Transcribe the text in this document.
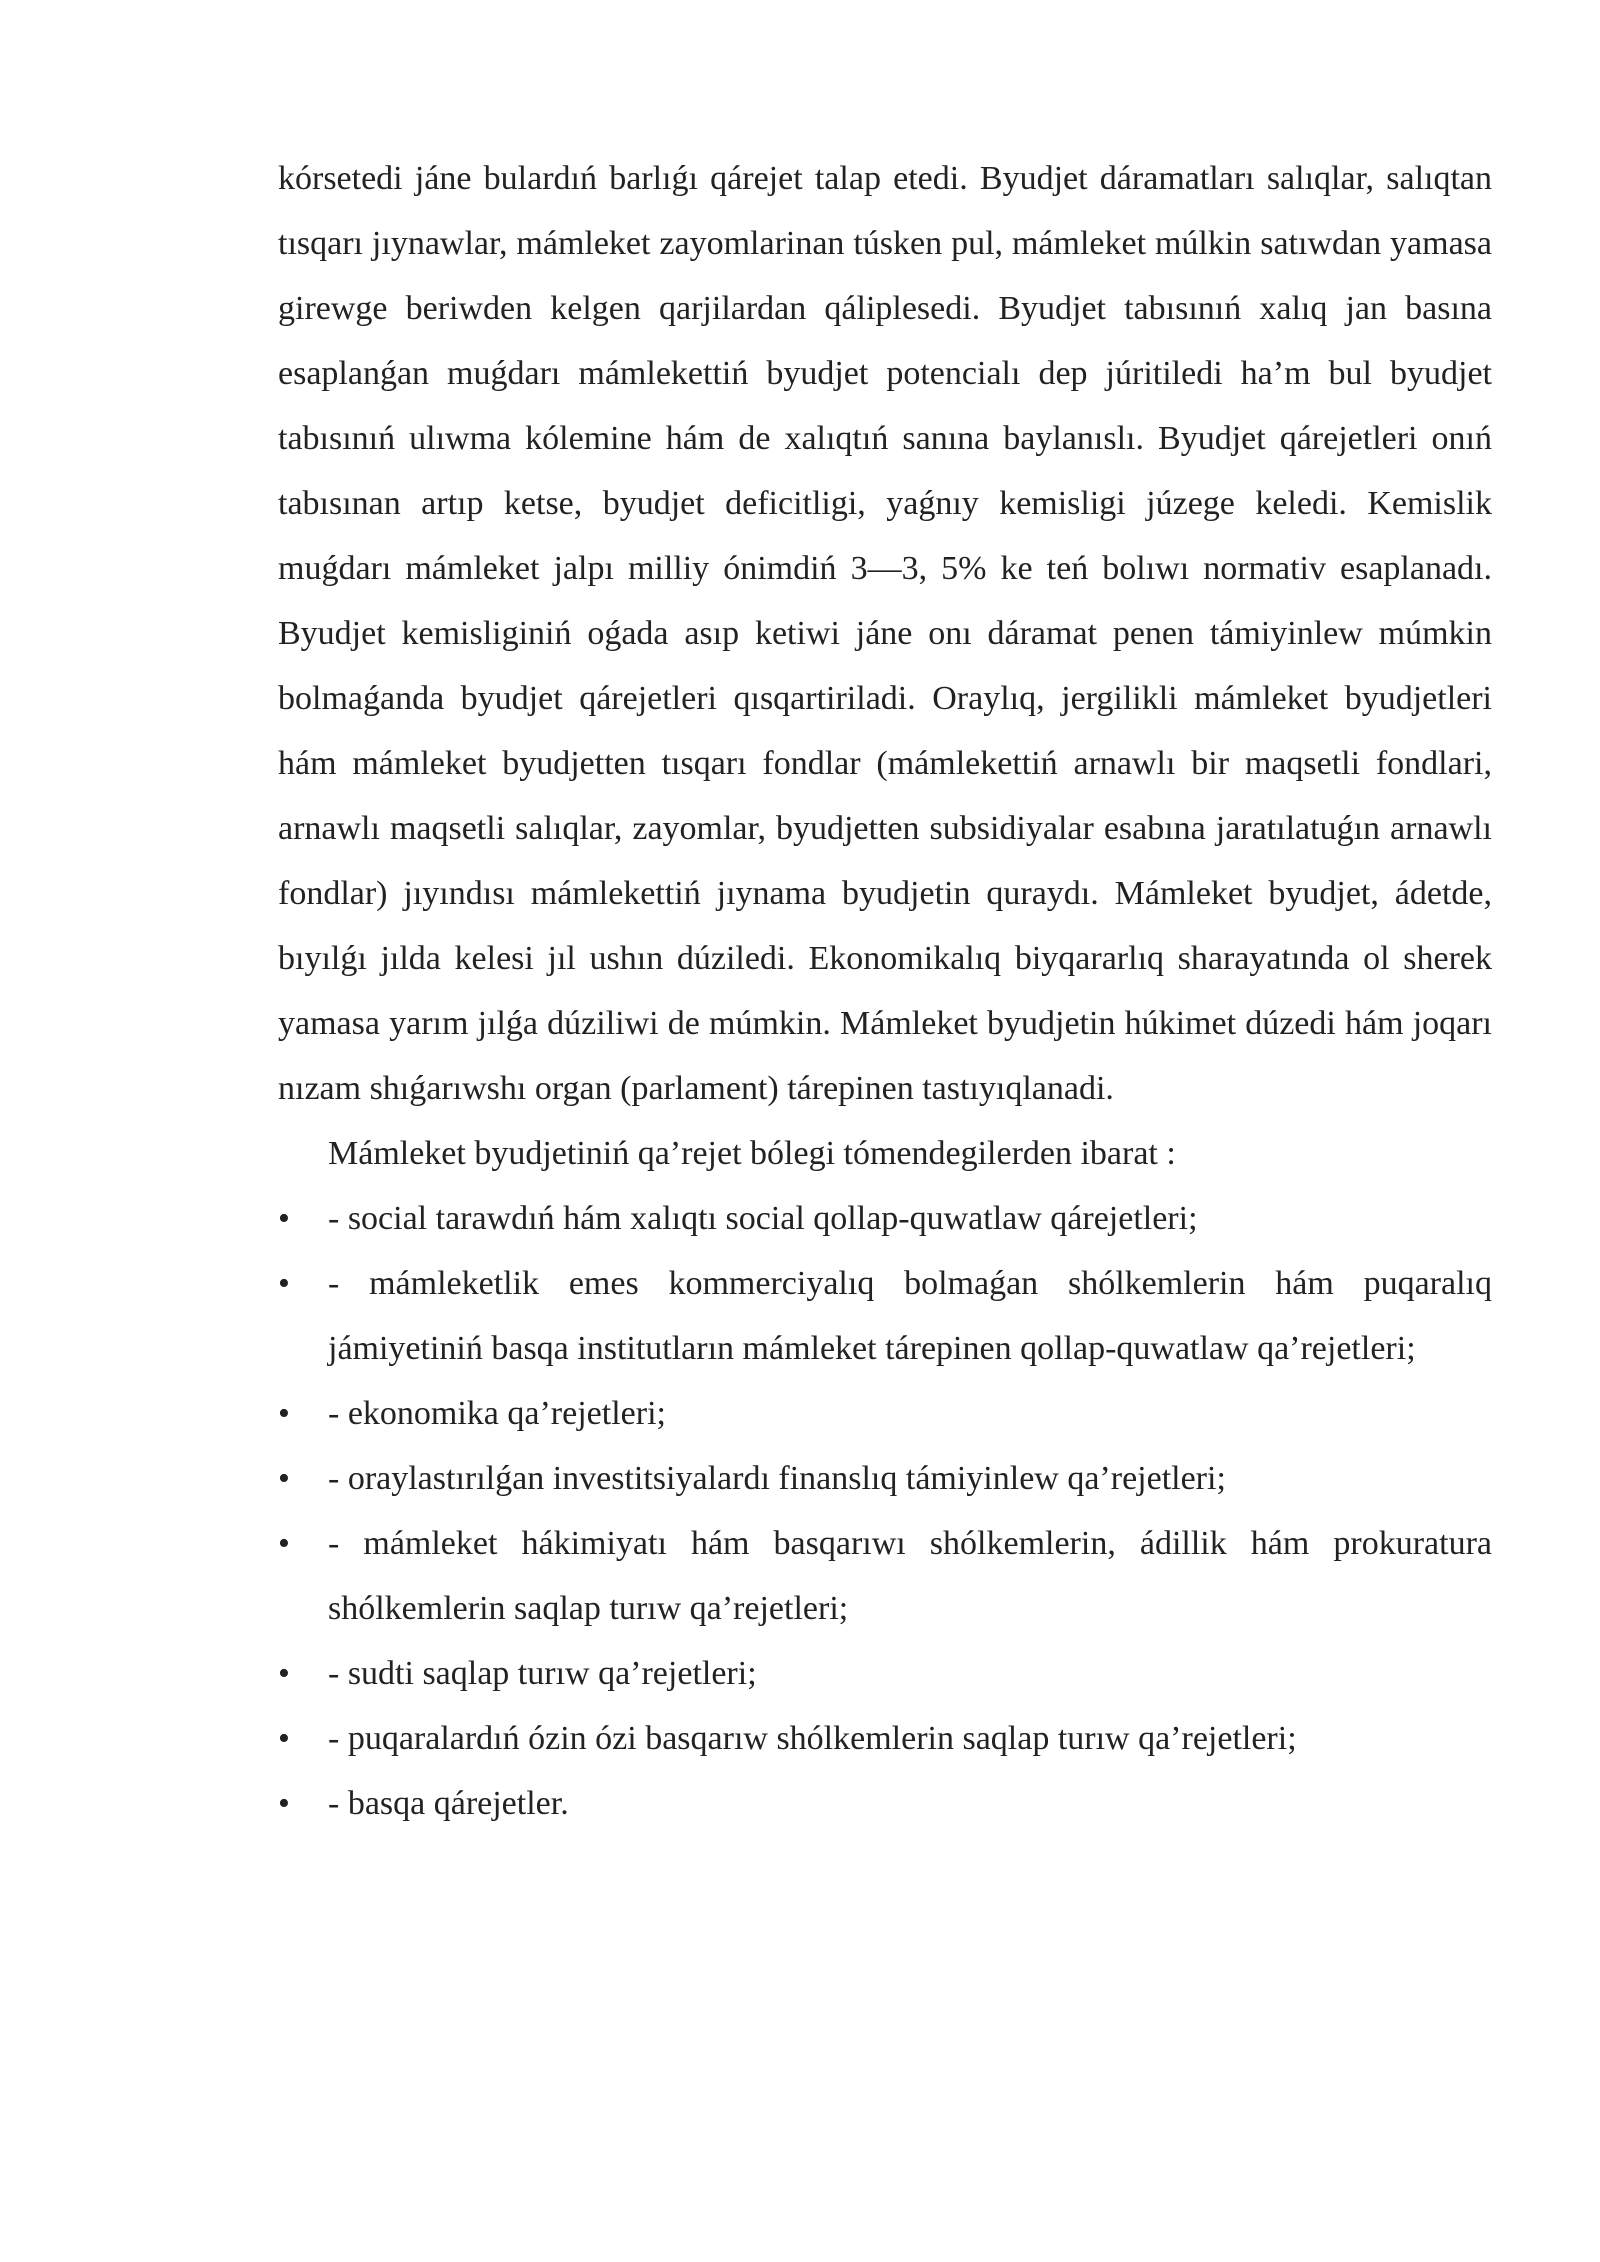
kórsetedi jáne bulardıń barlıǵı qárejet talap etedi. Byudjet dáramatları salıqlar, salıqtan tısqarı jıynawlar, mámleket zayomlarinan túsken pul, mámleket múlkin satıwdan yamasa girewge beriwden kelgen qarjilardan qáliplesedi. Byudjet tabısınıń xalıq jan basına esaplanǵan muǵdarı mámlekettiń byudjet potencialı dep júritiledi ha’m bul byudjet tabısınıń ulıwma kólemine hám de xalıqtıń sanına baylanıslı. Byudjet qárejetleri onıń tabısınan artıp ketse, byudjet deficitligi, yaǵnıy kemisligi júzege keledi. Kemislik muǵdarı mámleket jalpı milliy ónimdiń 3—3, 5% ke teń bolıwı normativ esaplanadı. Byudjet kemisliginiń oǵada asıp ketiwi jáne onı dáramat penen támiyinlew múmkin bolmaǵanda byudjet qárejetleri qısqartiriladi. Oraylıq, jergilikli mámleket byudjetleri hám mámleket byudjetten tısqarı fondlar (mámlekettiń arnawlı bir maqsetli fondlari, arnawlı maqsetli salıqlar, zayomlar, byudjetten subsidiyalar esabına jaratılatuǵın arnawlı fondlar) jıyındısı mámlekettiń jıynama byudjetin quraydı. Mámleket byudjet, ádetde, bıyılǵı jılda kelesi jıl ushın dúziledi. Ekonomikalıq biyqararlıq sharayatında ol sherek yamasa yarım jılǵa dúziliwi de múmkin. Mámleket byudjetin húkimet dúzedi hám joqarı nızam shıǵarıwshı organ (parlament) tárepinen tastıyıqlanadi.

Mámleket byudjetiniń qa’rejet bólegi tómendegilerden ibarat :

•	- social tarawdıń hám xalıqtı social qollap-quwatlaw qárejetleri;
•	- mámleketlik emes kommerciyalıq bolmaǵan shólkemlerin hám puqaralıq jámiyetiniń basqa institutların mámleket tárepinen qollap-quwatlaw qa’rejetleri;
•	- ekonomika qa’rejetleri;
•	- oraylastırılǵan investitsiyalardı finanslıq támiyinlew qa’rejetleri;
•	- mámleket hákimiyatı hám basqarıwı shólkemlerin, ádillik hám prokuratura shólkemlerin saqlap turıw qa’rejetleri;
•	- sudti saqlap turıw qa’rejetleri;
•	- puqaralardıń ózin ózi basqarıw shólkemlerin saqlap turıw qa’rejetleri;
•	- basqa qárejetler.
